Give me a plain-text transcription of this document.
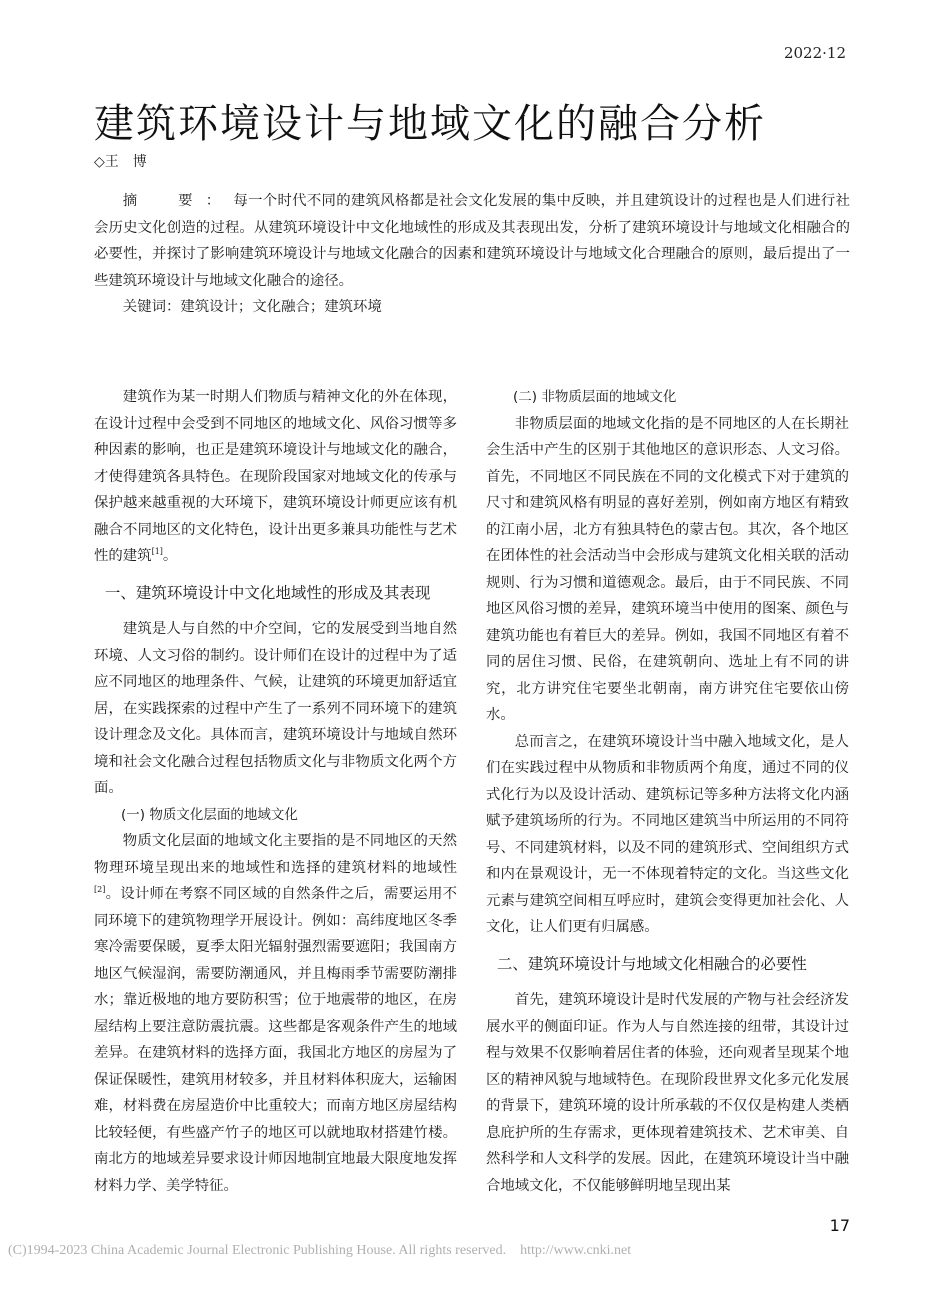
2022·12
建筑环境设计与地域文化的融合分析
◇王　博

摘　要：每一个时代不同的建筑风格都是社会文化发展的集中反映，并且建筑设计的过程也是人们进行社会历史文化创造的过程。从建筑环境设计中文化地域性的形成及其表现出发，分析了建筑环境设计与地域文化相融合的必要性，并探讨了影响建筑环境设计与地域文化融合的因素和建筑环境设计与地域文化合理融合的原则，最后提出了一些建筑环境设计与地域文化融合的途径。

关键词：建筑设计；文化融合；建筑环境

建筑作为某一时期人们物质与精神文化的外在体现，在设计过程中会受到不同地区的地域文化、风俗习惯等多种因素的影响，也正是建筑环境设计与地域文化的融合，才使得建筑各具特色。在现阶段国家对地域文化的传承与保护越来越重视的大环境下，建筑环境设计师更应该有机融合不同地区的文化特色，设计出更多兼具功能性与艺术性的建筑[1]。

一、建筑环境设计中文化地域性的形成及其表现

建筑是人与自然的中介空间，它的发展受到当地自然环境、人文习俗的制约。设计师们在设计的过程中为了适应不同地区的地理条件、气候，让建筑的环境更加舒适宜居，在实践探索的过程中产生了一系列不同环境下的建筑设计理念及文化。具体而言，建筑环境设计与地域自然环境和社会文化融合过程包括物质文化与非物质文化两个方面。

(一) 物质文化层面的地域文化

物质文化层面的地域文化主要指的是不同地区的天然物理环境呈现出来的地域性和选择的建筑材料的地域性[2]。设计师在考察不同区域的自然条件之后，需要运用不同环境下的建筑物理学开展设计。例如：高纬度地区冬季寒冷需要保暖，夏季太阳光辐射强烈需要遮阳；我国南方地区气候湿润，需要防潮通风，并且梅雨季节需要防潮排水；靠近极地的地方要防积雪；位于地震带的地区，在房屋结构上要注意防震抗震。这些都是客观条件产生的地域差异。在建筑材料的选择方面，我国北方地区的房屋为了保证保暖性，建筑用材较多，并且材料体积庞大，运输困难，材料费在房屋造价中比重较大；而南方地区房屋结构比较轻便，有些盛产竹子的地区可以就地取材搭建竹楼。南北方的地域差异要求设计师因地制宜地最大限度地发挥材料力学、美学特征。

(二) 非物质层面的地域文化

非物质层面的地域文化指的是不同地区的人在长期社会生活中产生的区别于其他地区的意识形态、人文习俗。首先，不同地区不同民族在不同的文化模式下对于建筑的尺寸和建筑风格有明显的喜好差别，例如南方地区有精致的江南小居，北方有独具特色的蒙古包。其次，各个地区在团体性的社会活动当中会形成与建筑文化相关联的活动规则、行为习惯和道德观念。最后，由于不同民族、不同地区风俗习惯的差异，建筑环境当中使用的图案、颜色与建筑功能也有着巨大的差异。例如，我国不同地区有着不同的居住习惯、民俗，在建筑朝向、选址上有不同的讲究，北方讲究住宅要坐北朝南，南方讲究住宅要依山傍水。

总而言之，在建筑环境设计当中融入地域文化，是人们在实践过程中从物质和非物质两个角度，通过不同的仪式化行为以及设计活动、建筑标记等多种方法将文化内涵赋予建筑场所的行为。不同地区建筑当中所运用的不同符号、不同建筑材料，以及不同的建筑形式、空间组织方式和内在景观设计，无一不体现着特定的文化。当这些文化元素与建筑空间相互呼应时，建筑会变得更加社会化、人文化，让人们更有归属感。

二、建筑环境设计与地域文化相融合的必要性

首先，建筑环境设计是时代发展的产物与社会经济发展水平的侧面印证。作为人与自然连接的纽带，其设计过程与效果不仅影响着居住者的体验，还向观者呈现某个地区的精神风貌与地域特色。在现阶段世界文化多元化发展的背景下，建筑环境的设计所承载的不仅仅是构建人类栖息庇护所的生存需求，更体现着建筑技术、艺术审美、自然科学和人文科学的发展。因此，在建筑环境设计当中融合地域文化，不仅能够鲜明地呈现出某

17
(C)1994-2023 China Academic Journal Electronic Publishing House. All rights reserved.    http://www.cnki.net
